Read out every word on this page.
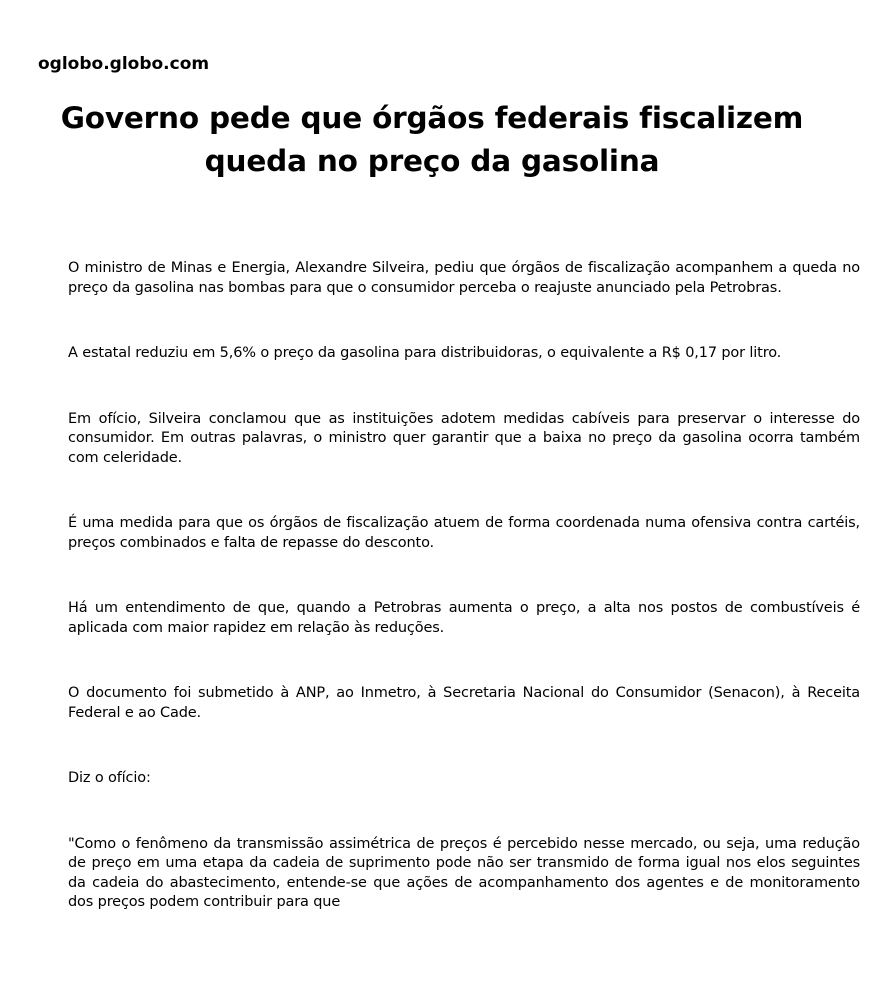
oglobo.globo.com
Governo pede que órgãos federais fiscalizem queda no preço da gasolina

O ministro de Minas e Energia, Alexandre Silveira, pediu que órgãos de fiscalização acompanhem a queda no preço da gasolina nas bombas para que o consumidor perceba o reajuste anunciado pela Petrobras.

A estatal reduziu em 5,6% o preço da gasolina para distribuidoras, o equivalente a R$ 0,17 por litro.

Em ofício, Silveira conclamou que as instituições adotem medidas cabíveis para preservar o interesse do consumidor. Em outras palavras, o ministro quer garantir que a baixa no preço da gasolina ocorra também com celeridade.

É uma medida para que os órgãos de fiscalização atuem de forma coordenada numa ofensiva contra cartéis, preços combinados e falta de repasse do desconto.

Há um entendimento de que, quando a Petrobras aumenta o preço, a alta nos postos de combustíveis é aplicada com maior rapidez em relação às reduções.

O documento foi submetido à ANP, ao Inmetro, à Secretaria Nacional do Consumidor (Senacon), à Receita Federal e ao Cade.

Diz o ofício:

"Como o fenômeno da transmissão assimétrica de preços é percebido nesse mercado, ou seja, uma redução de preço em uma etapa da cadeia de suprimento pode não ser transmido de forma igual nos elos seguintes da cadeia do abastecimento, entende-se que ações de acompanhamento dos agentes e de monitoramento dos preços podem contribuir para que
